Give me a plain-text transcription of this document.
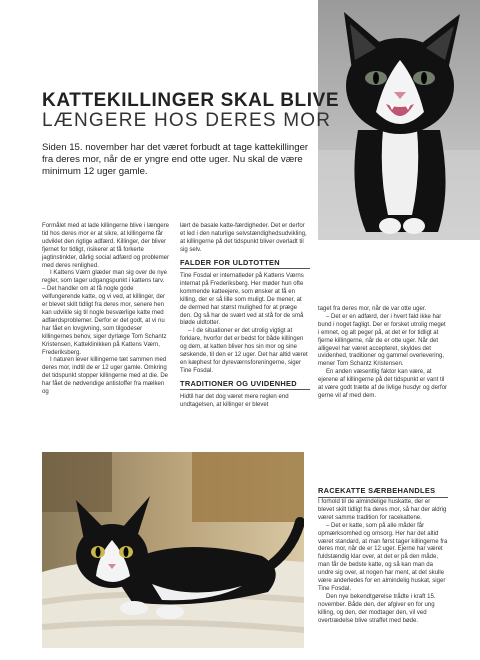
KATTEKILLINGER SKAL BLIVE
LÆNGERE HOS DERES MOR
Siden 15. november har det været forbudt at tage kattekillinger fra deres mor, når de er yngre end otte uger. Nu skal de være minimum 12 uger gamle.

Formålet med at lade killingerne blive i længere tid hos deres mor er at sikre, at killingerne får udviklet den rigtige adfærd. Killinger, der bliver fjernet for tidligt, risikerer at få forkerte jagtinstinkter, dårlig social adfærd og problemer med deres renlighed.

I Kattens Værn glæder man sig over de nye regler, som tager udgangspunkt i kattens tarv.

– Det handler om at få nogle gode velfungerende katte, og vi ved, at killinger, der er blevet skilt tidligt fra deres mor, senere hen kan udvikle sig til nogle besværlige katte med adfærdsproblemer. Derfor er det godt, at vi nu har fået en lovgivning, som tilgodeser killingernes behov, siger dyrlæge Tom Schantz Kristensen, Katteklinikken på Kattens Værn, Frederiksberg.

I naturen lever killingerne tæt sammen med deres mor, indtil de er 12 uger gamle. Omkring det tidspunkt stopper killingerne med at die. De har fået de nødvendige antistoffer fra mælken og

lært de basale katte-færdigheder. Det er derfor et led i den naturlige selvstændighedsudvikling, at killingerne på det tidspunkt bliver overladt til sig selv.

FALDER FOR ULDTOTTEN

Tine Fosdal er internatleder på Kattens Værns internat på Frederiksberg. Her møder hun ofte kommende katteejere, som ønsker at få en killing, der er så lille som muligt. De mener, at de dermed har størst mulighed for at præge den. Og så har de svært ved at stå for de små bløde uldtotter.

– I de situationer er det utrolig vigtigt at forklare, hvorfor det er bedst for både killingen og dem, at katten bliver hos sin mor og sine søskende, til den er 12 uger. Det har altid været en kæphest for dyreværnsforeningerne, siger Tine Fosdal.

TRADITIONER OG UVIDENHED

Hidtil har det dog været mere reglen end undtagelsen, at killinger er blevet

taget fra deres mor, når de var otte uger.

– Det er en adfærd, der i hvert fald ikke har bund i noget fagligt. Der er forsket utrolig meget i emnet, og alt peger på, at det er for tidligt at fjerne killingerne, når de er otte uger. Når det alligevel har været accepteret, skyldes det uvidenhed, traditioner og gammel overlevering, mener Tom Schantz Kristensen.

En anden væsentlig faktor kan være, at ejerene af killingerne på det tidspunkt er vant til at være godt trætte af de livlige husdyr og derfor gerne vil af med dem.

RACEKATTE SÆRBEHANDLES

I forhold til de almindelige huskatte, der er blevet skilt tidligt fra deres mor, så har der aldrig været samme tradition for racekattene.

– Det er katte, som på alle måder får opmærksomhed og omsorg. Her har det altid været standard, at man først tager killingerne fra deres mor, når de er 12 uger. Ejerne har været fuldstændig klar over, at det er på den måde, man får de bedste katte, og så kan man da undre sig over, at nogen har ment, at det skulle være anderledes for en almindelig huskat, siger Tine Fosdal.

Den nye bekendtgørelse trådte i kraft 15. november. Både den, der afgiver en for ung killing, og den, der modtager den, vil ved overtrædelse blive straffet med bøde.
